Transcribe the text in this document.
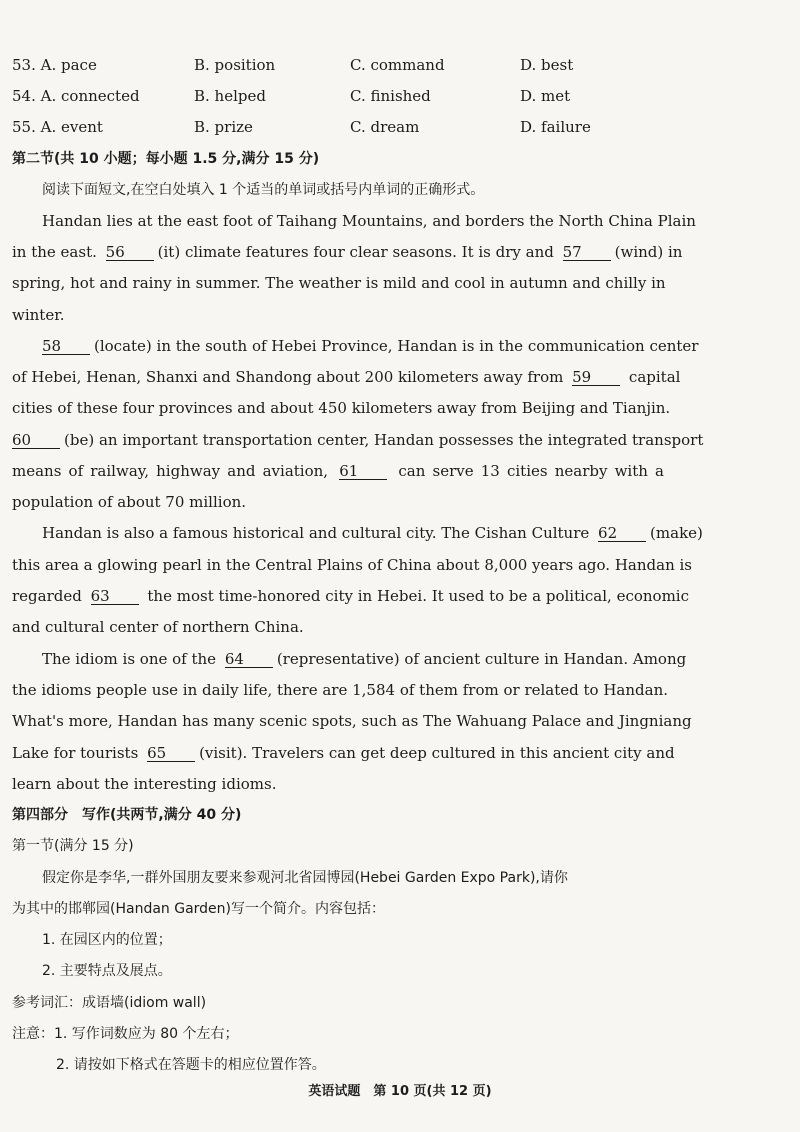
53. A. pace	B. position	C. command	D. best
54. A. connected	B. helped	C. finished	D. met
55. A. event	B. prize	C. dream	D. failure
第二节(共 10 小题；每小题 1.5 分,满分 15 分)
阅读下面短文,在空白处填入 1 个适当的单词或括号内单词的正确形式。
Handan lies at the east foot of Taihang Mountains, and borders the North China Plain
in the east. 56 (it) climate features four clear seasons. It is dry and 57 (wind) in
spring, hot and rainy in summer. The weather is mild and cool in autumn and chilly in
winter.
58 (locate) in the south of Hebei Province, Handan is in the communication center
of Hebei, Henan, Shanxi and Shandong about 200 kilometers away from 59	capital
cities of these four provinces and about 450 kilometers away from Beijing and Tianjin.
60 (be) an important transportation center, Handan possesses the integrated transport
means of railway, highway and aviation, 61	can serve 13 cities nearby with a
population of about 70 million.
Handan is also a famous historical and cultural city. The Cishan Culture 62 (make)
this area a glowing pearl in the Central Plains of China about 8,000 years ago. Handan is
regarded 63	the most time-honored city in Hebei. It used to be a political, economic
and cultural center of northern China.
The idiom is one of the 64 (representative) of ancient culture in Handan. Among
the idioms people use in daily life, there are 1,584 of them from or related to Handan.
What's more, Handan has many scenic spots, such as The Wahuang Palace and Jingniang
Lake for tourists 65 (visit). Travelers can get deep cultured in this ancient city and
learn about the interesting idioms.
第四部分　写作(共两节,满分 40 分)
第一节(满分 15 分)
假定你是李华,一群外国朋友要来参观河北省园博园(Hebei Garden Expo Park),请你
为其中的邯郸园(Handan Garden)写一个简介。内容包括：
1. 在园区内的位置；
2. 主要特点及展点。
参考词汇：成语墙(idiom wall)
注意：1. 写作词数应为 80 个左右；
2. 请按如下格式在答题卡的相应位置作答。
英语试题　第 10 页(共 12 页)
